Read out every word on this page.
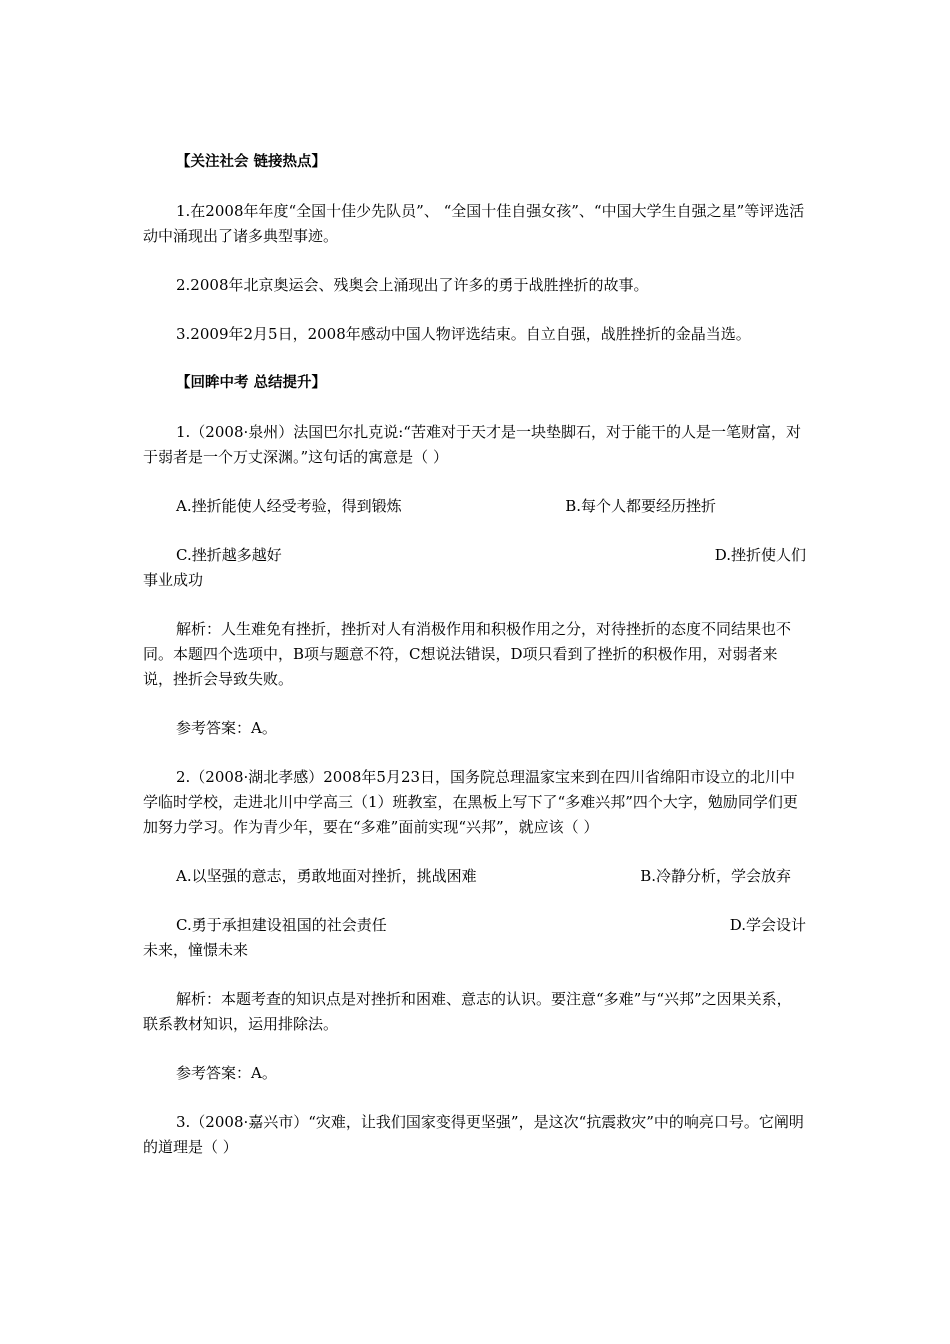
【关注社会 链接热点】

1.在2008年年度“全国十佳少先队员”、 “全国十佳自强女孩”、“中国大学生自强之星”等评选活动中涌现出了诸多典型事迹。

2.2008年北京奥运会、残奥会上涌现出了许多的勇于战胜挫折的故事。

3.2009年2月5日，2008年感动中国人物评选结束。自立自强，战胜挫折的金晶当选。

【回眸中考 总结提升】

1.（2008·泉州）法国巴尔扎克说:“苦难对于天才是一块垫脚石，对于能干的人是一笔财富，对于弱者是一个万丈深渊。”这句话的寓意是（ ）

A.挫折能使人经受考验，得到锻炼	B.每个人都要经历挫折
C.挫折越多越好	D.挫折使人们
事业成功

解析：人生难免有挫折，挫折对人有消极作用和积极作用之分，对待挫折的态度不同结果也不同。本题四个选项中，B项与题意不符，C想说法错误，D项只看到了挫折的积极作用，对弱者来说，挫折会导致失败。

参考答案：A。

2.（2008·湖北孝感）2008年5月23日，国务院总理温家宝来到在四川省绵阳市设立的北川中学临时学校，走进北川中学高三（1）班教室，在黑板上写下了“多难兴邦”四个大字，勉励同学们更加努力学习。作为青少年，要在“多难”面前实现“兴邦”，就应该（ ）

A.以坚强的意志，勇敢地面对挫折，挑战困难	B.冷静分析，学会放弃
C.勇于承担建设祖国的社会责任	D.学会设计
未来，憧憬未来

解析：本题考查的知识点是对挫折和困难、意志的认识。要注意“多难”与“兴邦”之因果关系，联系教材知识，运用排除法。

参考答案：A。

3.（2008·嘉兴市）“灾难，让我们国家变得更坚强”，是这次“抗震救灾”中的响亮口号。它阐明的道理是（ ）
